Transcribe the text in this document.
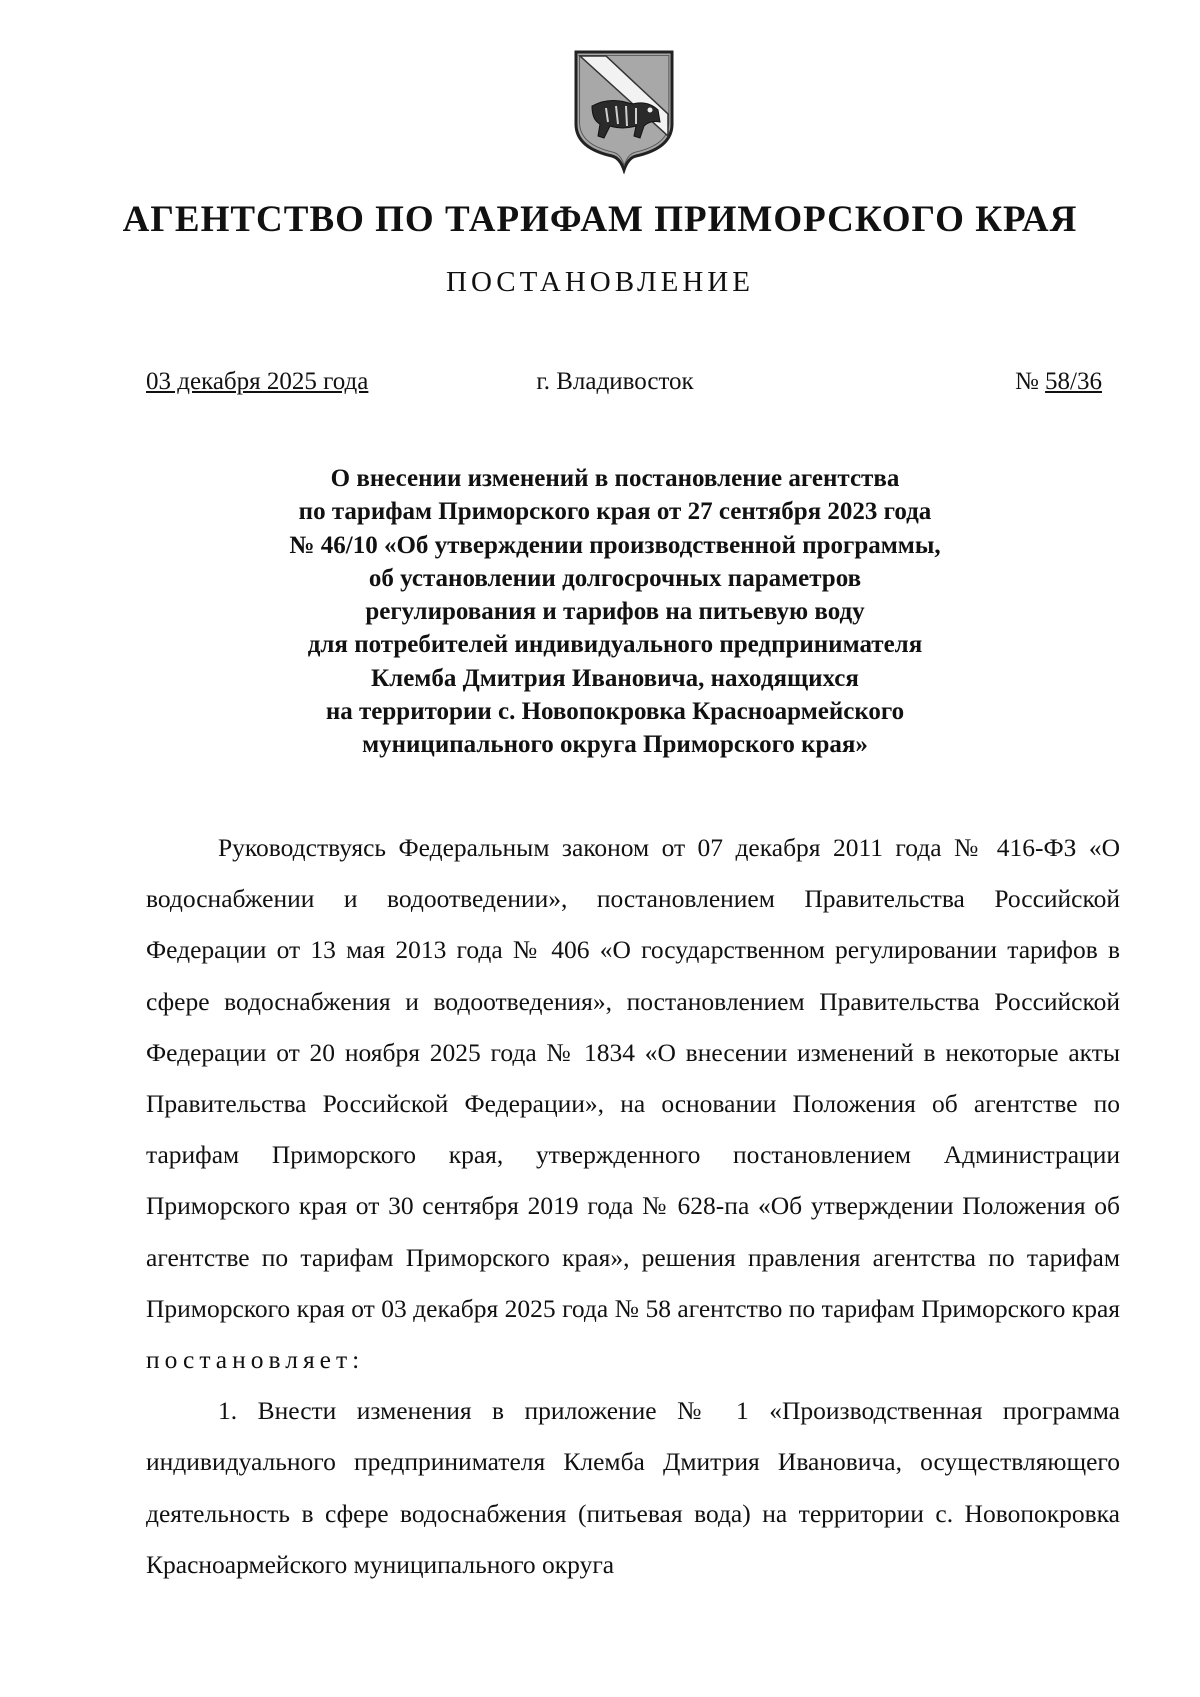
АГЕНТСТВО ПО ТАРИФАМ ПРИМОРСКОГО КРАЯ
ПОСТАНОВЛЕНИЕ
03 декабря 2025 года	г. Владивосток	№ 58/36
О внесении изменений в постановление агентства
по тарифам Приморского края от 27 сентября 2023 года
№ 46/10 «Об утверждении производственной программы,
об установлении долгосрочных параметров
регулирования и тарифов на питьевую воду
для потребителей индивидуального предпринимателя
Клемба Дмитрия Ивановича, находящихся
на территории с. Новопокровка Красноармейского
муниципального округа Приморского края»

Руководствуясь Федеральным законом от 07 декабря 2011 года № 416-ФЗ «О водоснабжении и водоотведении», постановлением Правительства Российской Федерации от 13 мая 2013 года № 406 «О государственном регулировании тарифов в сфере водоснабжения и водоотведения», постановлением Правительства Российской Федерации от 20 ноября 2025 года № 1834 «О внесении изменений в некоторые акты Правительства Российской Федерации», на основании Положения об агентстве по тарифам Приморского края, утвержденного постановлением Администрации Приморского края от 30 сентября 2019 года № 628-па «Об утверждении Положения об агентстве по тарифам Приморского края», решения правления агентства по тарифам Приморского края от 03 декабря 2025 года № 58 агентство по тарифам Приморского края постановляет:

1. Внести изменения в приложение № 1 «Производственная программа индивидуального предпринимателя Клемба Дмитрия Ивановича, осуществляющего деятельность в сфере водоснабжения (питьевая вода) на территории с. Новопокровка Красноармейского муниципального округа
